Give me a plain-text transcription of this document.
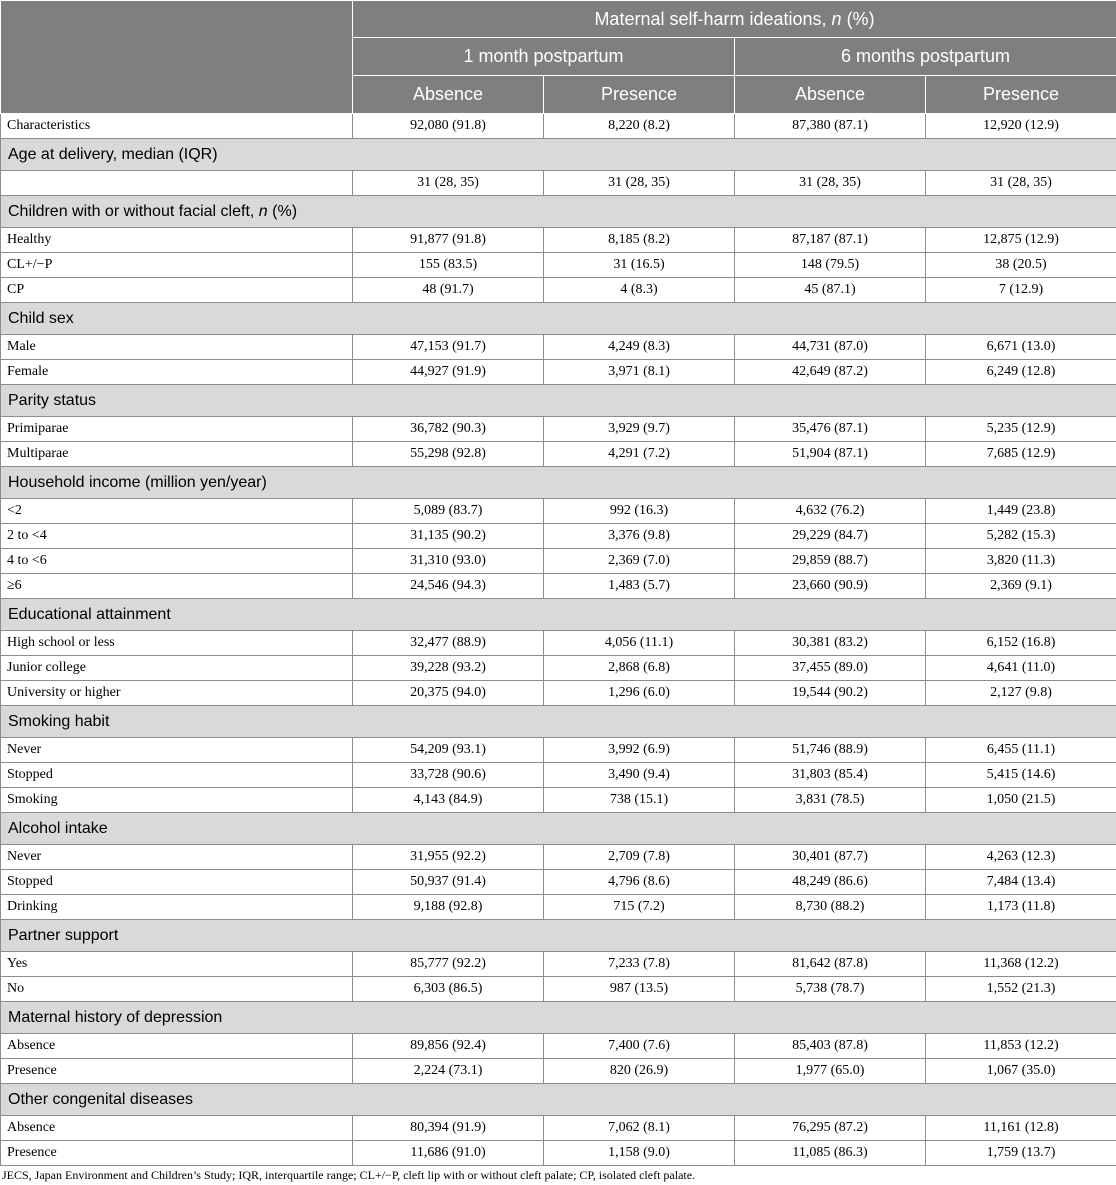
	Maternal self-harm ideations, n (%)			
	1 month postpartum		6 months postpartum	
	Absence	Presence	Absence	Presence
Characteristics	92,080 (91.8)	8,220 (8.2)	87,380 (87.1)	12,920 (12.9)
Age at delivery, median (IQR)				
	31 (28, 35)	31 (28, 35)	31 (28, 35)	31 (28, 35)
Children with or without facial cleft, n (%)				
Healthy	91,877 (91.8)	8,185 (8.2)	87,187 (87.1)	12,875 (12.9)
CL+/−P	155 (83.5)	31 (16.5)	148 (79.5)	38 (20.5)
CP	48 (91.7)	4 (8.3)	45 (87.1)	7 (12.9)
Child sex				
Male	47,153 (91.7)	4,249 (8.3)	44,731 (87.0)	6,671 (13.0)
Female	44,927 (91.9)	3,971 (8.1)	42,649 (87.2)	6,249 (12.8)
Parity status				
Primiparae	36,782 (90.3)	3,929 (9.7)	35,476 (87.1)	5,235 (12.9)
Multiparae	55,298 (92.8)	4,291 (7.2)	51,904 (87.1)	7,685 (12.9)
Household income (million yen/year)				
<2	5,089 (83.7)	992 (16.3)	4,632 (76.2)	1,449 (23.8)
2 to <4	31,135 (90.2)	3,376 (9.8)	29,229 (84.7)	5,282 (15.3)
4 to <6	31,310 (93.0)	2,369 (7.0)	29,859 (88.7)	3,820 (11.3)
≥6	24,546 (94.3)	1,483 (5.7)	23,660 (90.9)	2,369 (9.1)
Educational attainment				
High school or less	32,477 (88.9)	4,056 (11.1)	30,381 (83.2)	6,152 (16.8)
Junior college	39,228 (93.2)	2,868 (6.8)	37,455 (89.0)	4,641 (11.0)
University or higher	20,375 (94.0)	1,296 (6.0)	19,544 (90.2)	2,127 (9.8)
Smoking habit				
Never	54,209 (93.1)	3,992 (6.9)	51,746 (88.9)	6,455 (11.1)
Stopped	33,728 (90.6)	3,490 (9.4)	31,803 (85.4)	5,415 (14.6)
Smoking	4,143 (84.9)	738 (15.1)	3,831 (78.5)	1,050 (21.5)
Alcohol intake				
Never	31,955 (92.2)	2,709 (7.8)	30,401 (87.7)	4,263 (12.3)
Stopped	50,937 (91.4)	4,796 (8.6)	48,249 (86.6)	7,484 (13.4)
Drinking	9,188 (92.8)	715 (7.2)	8,730 (88.2)	1,173 (11.8)
Partner support				
Yes	85,777 (92.2)	7,233 (7.8)	81,642 (87.8)	11,368 (12.2)
No	6,303 (86.5)	987 (13.5)	5,738 (78.7)	1,552 (21.3)
Maternal history of depression				
Absence	89,856 (92.4)	7,400 (7.6)	85,403 (87.8)	11,853 (12.2)
Presence	2,224 (73.1)	820 (26.9)	1,977 (65.0)	1,067 (35.0)
Other congenital diseases				
Absence	80,394 (91.9)	7,062 (8.1)	76,295 (87.2)	11,161 (12.8)
Presence	11,686 (91.0)	1,158 (9.0)	11,085 (86.3)	1,759 (13.7)
JECS, Japan Environment and Children’s Study; IQR, interquartile range; CL+/−P, cleft lip with or without cleft palate; CP, isolated cleft palate.
